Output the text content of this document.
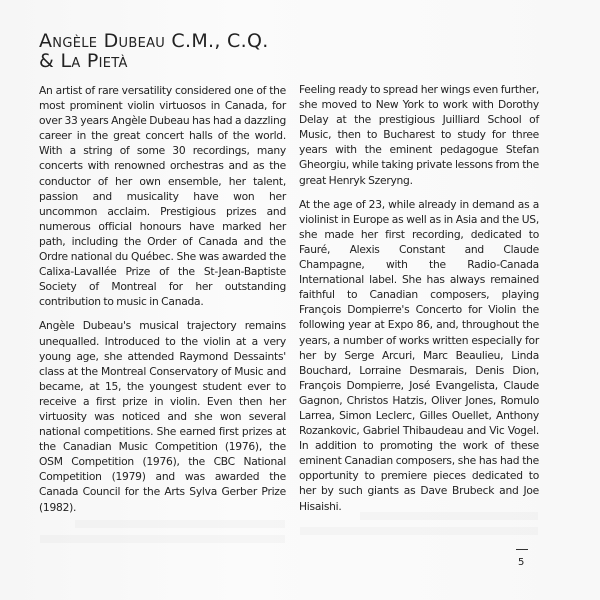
Angèle Dubeau C.M., C.Q.
& La Pietà

An artist of rare versatility considered one of the most prominent violin virtuosos in Canada, for over 33 years Angèle Dubeau has had a dazzling career in the great concert halls of the world. With a string of some 30 recordings, many concerts with renowned orchestras and as the conductor of her own ensemble, her talent, passion and musicality have won her uncommon acclaim. Prestigious prizes and numerous official honours have marked her path, including the Order of Canada and the Ordre national du Québec. She was awarded the Calixa-Lavallée Prize of the St-Jean-Baptiste Society of Montreal for her outstanding contribution to music in Canada.

Angèle Dubeau's musical trajectory remains unequalled. Introduced to the violin at a very young age, she attended Raymond Dessaints' class at the Montreal Conservatory of Music and became, at 15, the youngest student ever to receive a first prize in violin. Even then her virtuosity was noticed and she won several national competitions. She earned first prizes at the Canadian Music Competition (1976), the OSM Competition (1976), the CBC National Competition (1979) and was awarded the Canada Council for the Arts Sylva Gerber Prize (1982).

Feeling ready to spread her wings even further, she moved to New York to work with Dorothy Delay at the prestigious Juilliard School of Music, then to Bucharest to study for three years with the eminent pedagogue Stefan Gheorgiu, while taking private lessons from the great Henryk Szeryng.

At the age of 23, while already in demand as a violinist in Europe as well as in Asia and the US, she made her first recording, dedicated to Fauré, Alexis Constant and Claude Champagne, with the Radio-Canada International label. She has always remained faithful to Canadian composers, playing François Dompierre's Concerto for Violin the following year at Expo 86, and, throughout the years, a number of works written especially for her by Serge Arcuri, Marc Beaulieu, Linda Bouchard, Lorraine Desmarais, Denis Dion, François Dompierre, José Evangelista, Claude Gagnon, Christos Hatzis, Oliver Jones, Romulo Larrea, Simon Leclerc, Gilles Ouellet, Anthony Rozankovic, Gabriel Thibaudeau and Vic Vogel. In addition to promoting the work of these eminent Canadian composers, she has had the opportunity to premiere pieces dedicated to her by such giants as Dave Brubeck and Joe Hisaishi.

5
